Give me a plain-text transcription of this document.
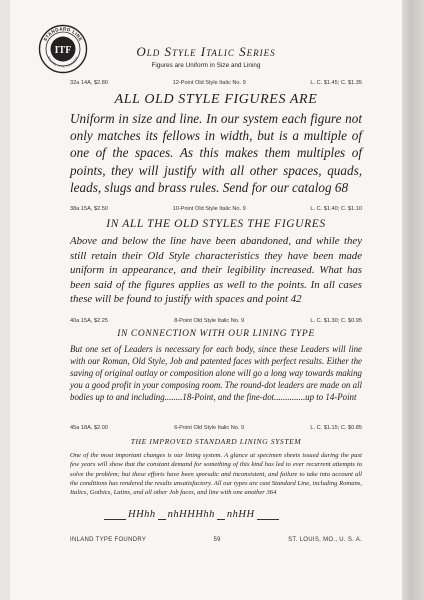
STANDARD LINE
INLAND TYPE FOUNDRY
ITF	Old Style Italic Series
Figures are Uniform in Size and Lining
32a 14A, $2.80	12-Point Old Style Italic No. 9	L. C. $1.45; C. $1.35
ALL OLD STYLE FIGURES ARE

Uniform in size and line. In our system each figure not only matches its fellows in width, but is a multiple of one of the spaces. As this makes them multiples of points, they will justify with all other spaces, quads, leads, slugs and brass rules. Send for our catalog 68

38a 15A, $2.50	10-Point Old Style Italic No. 9	L. C. $1.40; C. $1.10
IN ALL THE OLD STYLES THE FIGURES

Above and below the line have been abandoned, and while they still retain their Old Style characteristics they have been made uniform in appearance, and their legibility increased. What has been said of the figures applies as well to the points. In all cases these will be found to justify with spaces and point 42

40a 15A, $2.25	8-Point Old Style Italic No. 9	L. C. $1.30; C. $0.95
IN CONNECTION WITH OUR LINING TYPE

But one set of Leaders is necessary for each body, since these Leaders will line with our Roman, Old Style, Job and patented faces with perfect results. Either the saving of original outlay or composition alone will go a long way towards making you a good profit in your composing room. The round-dot leaders are made on all bodies up to and including........18-Point, and the fine-dot..............up to 14-Point

45a 18A, $2.00	6-Point Old Style Italic No. 9	L. C. $1.15; C. $0.85
THE IMPROVED STANDARD LINING SYSTEM

One of the most important changes is our lining system. A glance at specimen sheets issued during the past few years will show that the constant demand for something of this kind has led to ever recurrent attempts to solve the problem; but these efforts have been sporadic and inconsistent, and failure to take into account all the conditions has rendered the results unsatisfactory. All our types are cast Standard Line, including Romans, Italics, Gothics, Latins, and all other Job faces, and line with one another 364

HHhh nhHHHhh nhHH
INLAND TYPE FOUNDRY	59	ST. LOUIS, MO., U. S. A.
